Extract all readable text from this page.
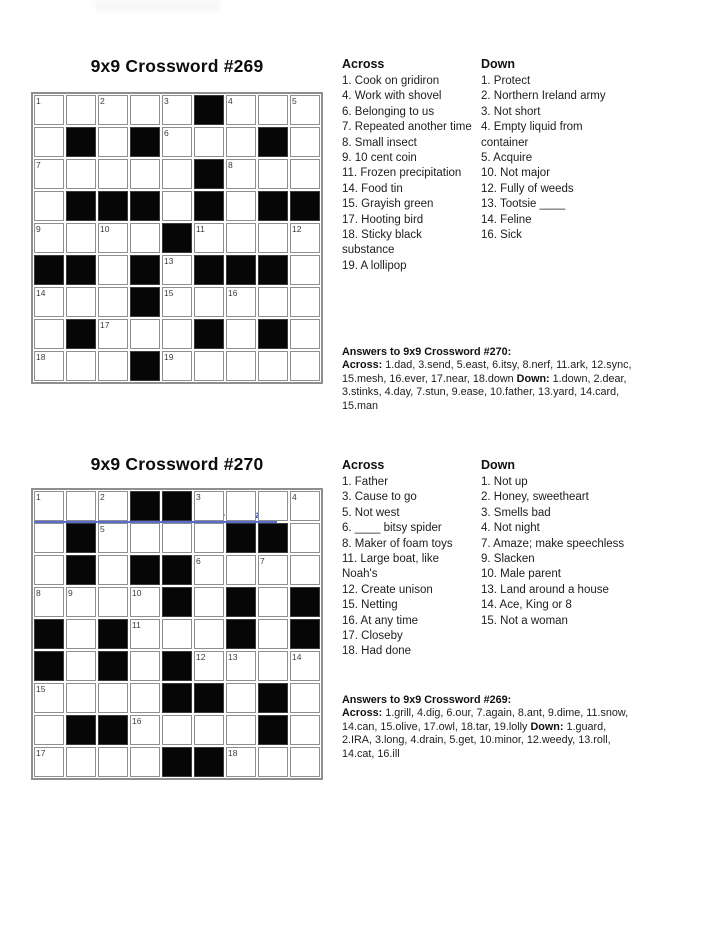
9x9 Crossword #269
1	2	3	4	5
6
7	8
9	10	11	12
13
14	15	16
17
18	19
Across
1. Cook on gridiron
4. Work with shovel
6. Belonging to us
7. Repeated another time
8. Small insect
9. 10 cent coin
11. Frozen precipitation
14. Food tin
15. Grayish green
17. Hooting bird
18. Sticky black substance
19. A lollipop
Down
1. Protect
2. Northern Ireland army
3. Not short
4. Empty liquid from container
5. Acquire
10. Not major
12. Fully of weeds
13. Tootsie ____
14. Feline
16. Sick
Answers to 9x9 Crossword #270:

Across: 1.dad, 3.send, 5.east, 6.itsy, 8.nerf, 11.ark, 12.sync, 15.mesh, 16.ever, 17.near, 18.down Down: 1.down, 2.dear, 3.stinks, 4.day, 7.stun, 9.ease, 10.father, 13.yard, 14.card, 15.man

9x9 Crossword #270
1	2	3	4
5
6	7
8	9	10
11
12	13	14
15
16
17	18
Across
1. Father
3. Cause to go
5. Not west
6. ____ bitsy spider
8. Maker of foam toys
11. Large boat, like Noah's
12. Create unison
15. Netting
16. At any time
17. Closeby
18. Had done
Down
1. Not up
2. Honey, sweetheart
3. Smells bad
4. Not night
7. Amaze; make speechless
9. Slacken
10. Male parent
13. Land around a house
14. Ace, King or 8
15. Not a woman
Answers to 9x9 Crossword #269:

Across: 1.grill, 4.dig, 6.our, 7.again, 8.ant, 9.dime, 11.snow, 14.can, 15.olive, 17.owl, 18.tar, 19.lolly Down: 1.guard, 2.IRA, 3.long, 4.drain, 5.get, 10.minor, 12.weedy, 13.roll, 14.cat, 16.ill
